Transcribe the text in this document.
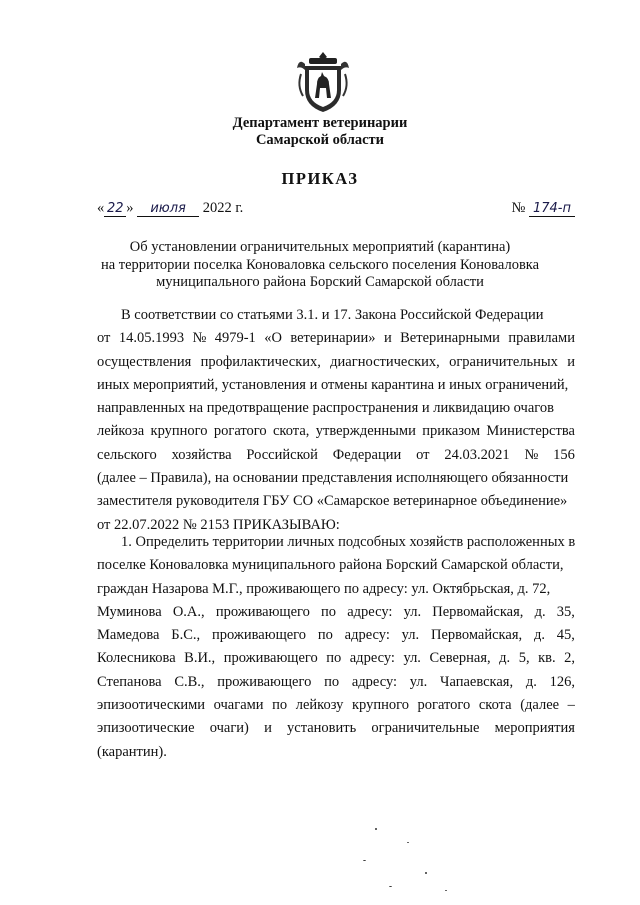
Департамент ветеринарии
Самарской области
ПРИКАЗ
« 22 » июля 2022 г.	№ 174-п
Об установлении ограничительных мероприятий (карантина)
на территории поселка Коноваловка сельского поселения Коноваловка
муниципального района Борский Самарской области
В соответствии со статьями 3.1. и 17. Закона Российской Федерации
от 14.05.1993 № 4979-1 «О ветеринарии» и Ветеринарными правилами
осуществления профилактических, диагностических, ограничительных и
иных мероприятий, установления и отмены карантина и иных ограничений,
направленных на предотвращение распространения и ликвидацию очагов
лейкоза крупного рогатого скота, утвержденными приказом Министерства
сельского хозяйства Российской Федерации от 24.03.2021 № 156
(далее – Правила), на основании представления исполняющего обязанности
заместителя руководителя ГБУ СО «Самарское ветеринарное объединение»
от 22.07.2022 № 2153 ПРИКАЗЫВАЮ:
1. Определить территории личных подсобных хозяйств расположенных в
поселке Коноваловка муниципального района Борский Самарской области,
граждан Назарова М.Г., проживающего по адресу: ул. Октябрьская, д. 72,
Муминова О.А., проживающего по адресу: ул. Первомайская, д. 35,
Мамедова Б.С., проживающего по адресу: ул. Первомайская, д. 45,
Колесникова В.И., проживающего по адресу: ул. Северная, д. 5, кв. 2,
Степанова С.В., проживающего по адресу: ул. Чапаевская, д. 126,
эпизоотическими очагами по лейкозу крупного рогатого скота (далее –
эпизоотические очаги) и установить ограничительные мероприятия
(карантин).
